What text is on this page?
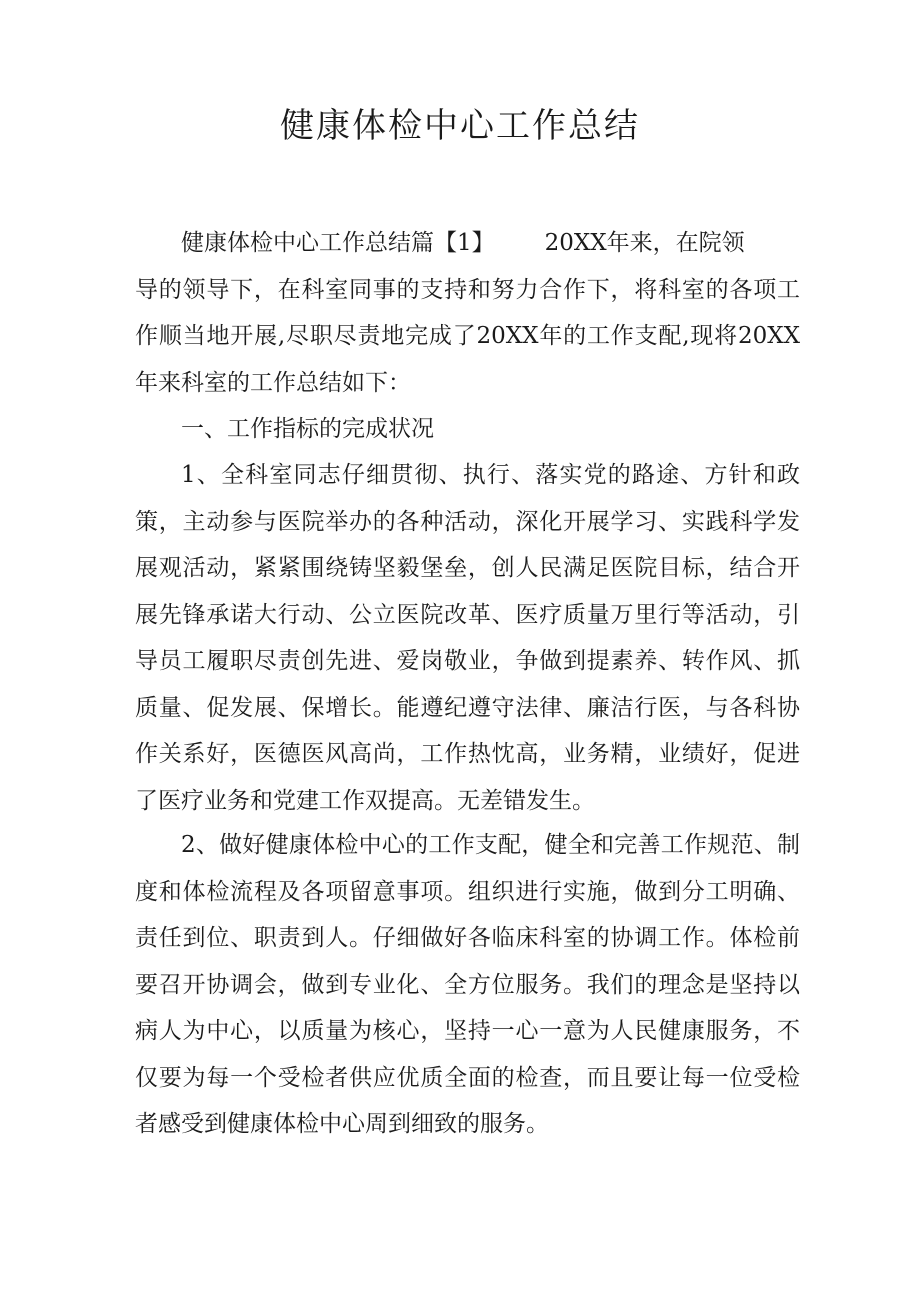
健康体检中心工作总结

健康体检中心工作总结篇【1】 20XX年来，在院领
导的领导下，在科室同事的支持和努力合作下，将科室的各项工作顺当地开展,尽职尽责地完成了20XX年的工作支配,现将20XX年来科室的工作总结如下：

一、工作指标的完成状况

1、全科室同志仔细贯彻、执行、落实党的路途、方针和政策，主动参与医院举办的各种活动，深化开展学习、实践科学发展观活动，紧紧围绕铸坚毅堡垒，创人民满足医院目标，结合开展先锋承诺大行动、公立医院改革、医疗质量万里行等活动，引导员工履职尽责创先进、爱岗敬业，争做到提素养、转作风、抓质量、促发展、保增长。能遵纪遵守法律、廉洁行医，与各科协作关系好，医德医风高尚，工作热忱高，业务精，业绩好，促进了医疗业务和党建工作双提高。无差错发生。

2、做好健康体检中心的工作支配，健全和完善工作规范、制度和体检流程及各项留意事项。组织进行实施，做到分工明确、责任到位、职责到人。仔细做好各临床科室的协调工作。体检前要召开协调会，做到专业化、全方位服务。我们的理念是坚持以病人为中心，以质量为核心，坚持一心一意为人民健康服务，不仅要为每一个受检者供应优质全面的检查，而且要让每一位受检者感受到健康体检中心周到细致的服务。
